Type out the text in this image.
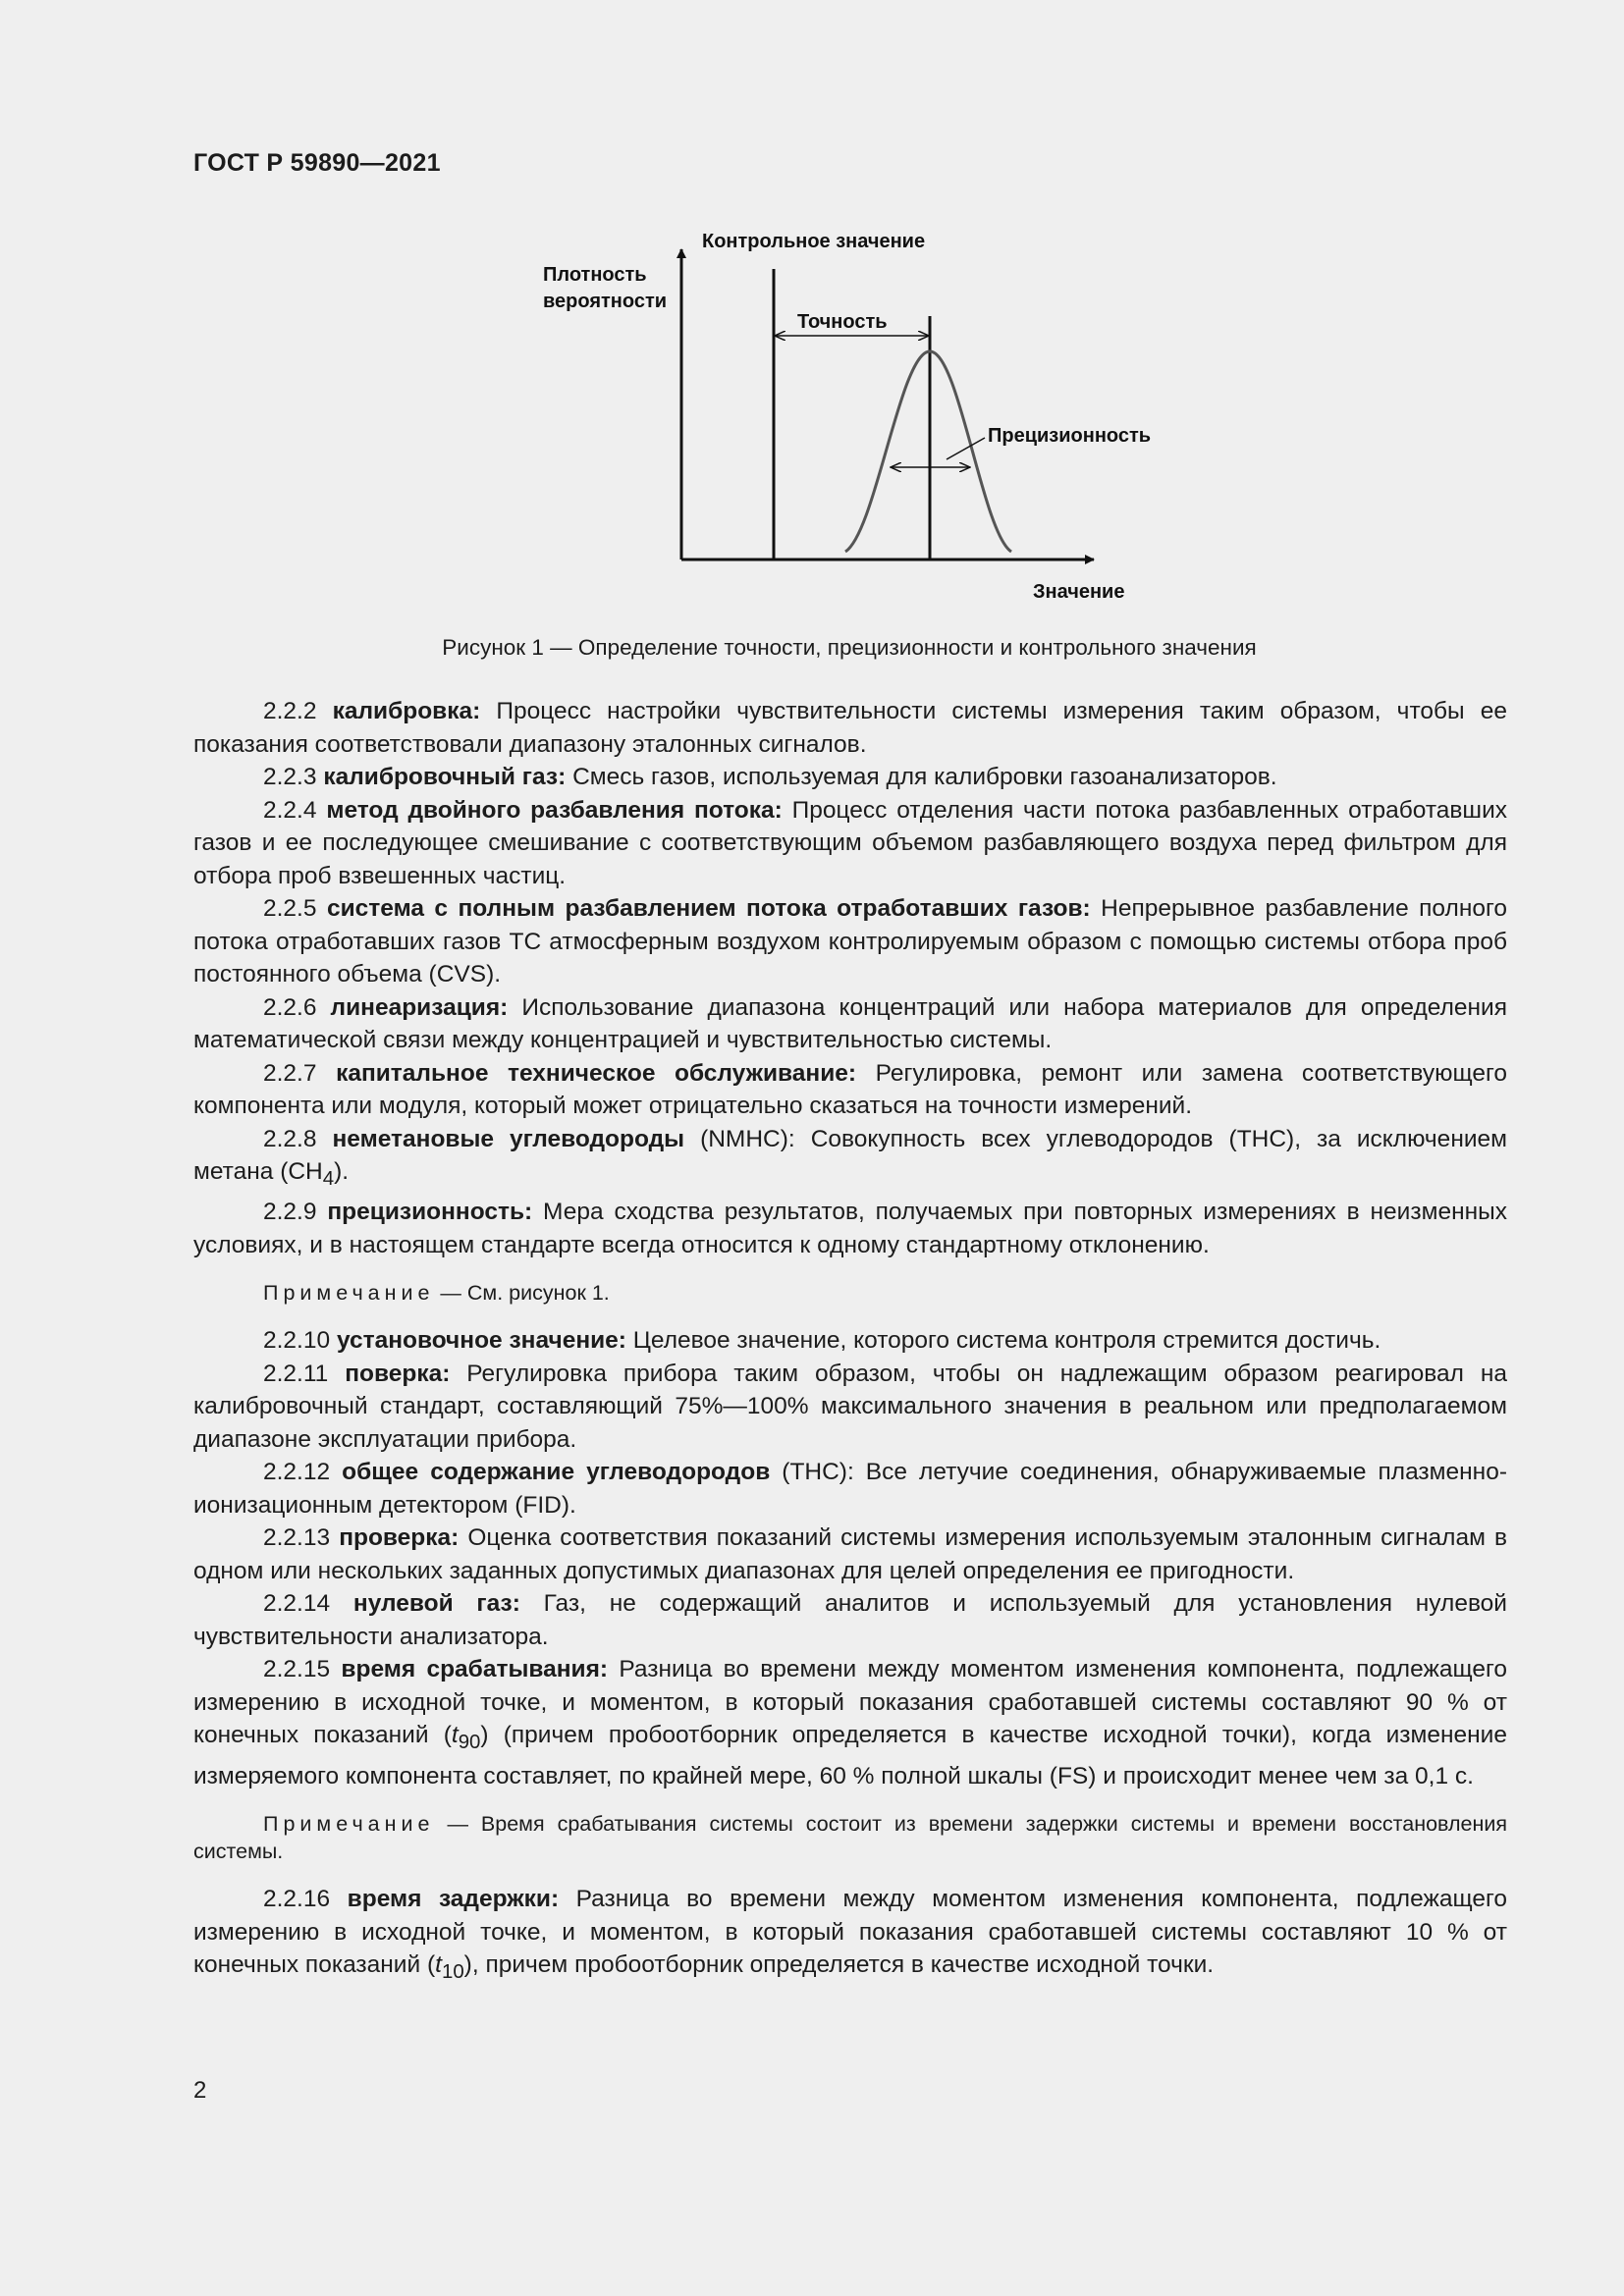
ГОСТ Р 59890—2021
Контрольное значение
Плотность
вероятности
Точность
Прецизионность
Значение
Рисунок 1 — Определение точности, прецизионности и контрольного значения

2.2.2 калибровка: Процесс настройки чувствительности системы измерения таким образом, чтобы ее показания соответствовали диапазону эталонных сигналов.

2.2.3 калибровочный газ: Смесь газов, используемая для калибровки газоанализаторов.

2.2.4 метод двойного разбавления потока: Процесс отделения части потока разбавленных отработавших газов и ее последующее смешивание с соответствующим объемом разбавляющего воздуха перед фильтром для отбора проб взвешенных частиц.

2.2.5 система с полным разбавлением потока отработавших газов: Непрерывное разбавление полного потока отработавших газов ТС атмосферным воздухом контролируемым образом с помощью системы отбора проб постоянного объема (CVS).

2.2.6 линеаризация: Использование диапазона концентраций или набора материалов для определения математической связи между концентрацией и чувствительностью системы.

2.2.7 капитальное техническое обслуживание: Регулировка, ремонт или замена соответствующего компонента или модуля, который может отрицательно сказаться на точности измерений.

2.2.8 неметановые углеводороды (NMHC): Совокупность всех углеводородов (THC), за исключением метана $(CH_4)$.

2.2.9 прецизионность: Мера сходства результатов, получаемых при повторных измерениях в неизменных условиях, и в настоящем стандарте всегда относится к одному стандартному отклонению.

Примечание — См. рисунок 1.

2.2.10 установочное значение: Целевое значение, которого система контроля стремится достичь.

2.2.11 поверка: Регулировка прибора таким образом, чтобы он надлежащим образом реагировал на калибровочный стандарт, составляющий 75%—100% максимального значения в реальном или предполагаемом диапазоне эксплуатации прибора.

2.2.12 общее содержание углеводородов (THC): Все летучие соединения, обнаруживаемые плазменно-ионизационным детектором (FID).

2.2.13 проверка: Оценка соответствия показаний системы измерения используемым эталонным сигналам в одном или нескольких заданных допустимых диапазонах для целей определения ее пригодности.

2.2.14 нулевой газ: Газ, не содержащий аналитов и используемый для установления нулевой чувствительности анализатора.

2.2.15 время срабатывания: Разница во времени между моментом изменения компонента, подлежащего измерению в исходной точке, и моментом, в который показания сработавшей системы составляют 90 % от конечных показаний $(t_{90})$ (причем пробоотборник определяется в качестве исходной точки), когда изменение измеряемого компонента составляет, по крайней мере, 60 % полной шкалы (FS) и происходит менее чем за 0,1 с.

Примечание — Время срабатывания системы состоит из времени задержки системы и времени восстановления системы.

2.2.16 время задержки: Разница во времени между моментом изменения компонента, подлежащего измерению в исходной точке, и моментом, в который показания сработавшей системы составляют 10 % от конечных показаний $(t_{10})$, причем пробоотборник определяется в качестве исходной точки.

2
